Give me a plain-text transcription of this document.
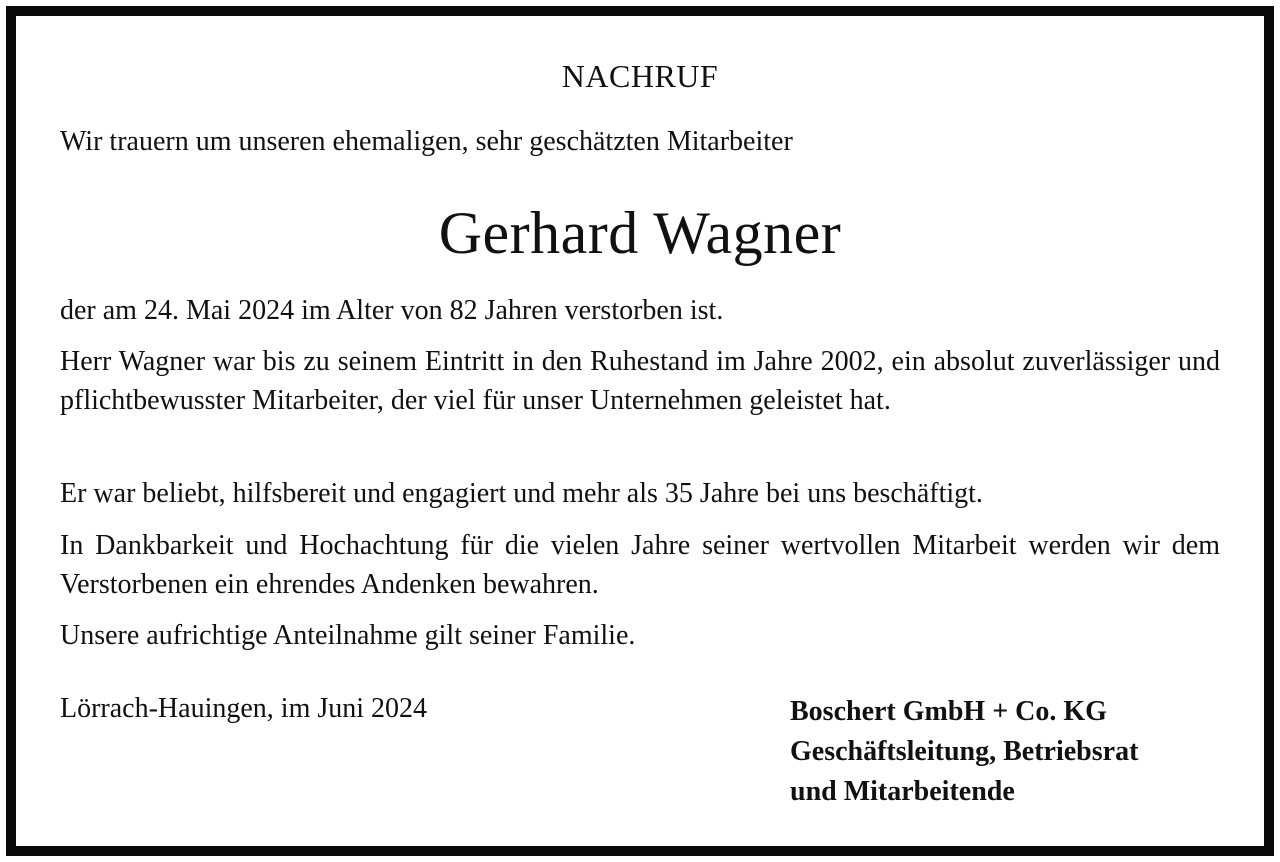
NACHRUF
Wir trauern um unseren ehemaligen, sehr geschätzten Mitarbeiter
Gerhard Wagner
der am 24. Mai 2024 im Alter von 82 Jahren verstorben ist.
Herr Wagner war bis zu seinem Eintritt in den Ruhestand im Jahre 2002, ein absolut zuverlässiger und pflichtbewusster Mitarbeiter, der viel für unser Unternehmen geleistet hat.
Er war beliebt, hilfsbereit und engagiert und mehr als 35 Jahre bei uns beschäftigt.
In Dankbarkeit und Hochachtung für die vielen Jahre seiner wertvollen Mitarbeit werden wir dem Verstorbenen ein ehrendes Andenken bewahren.
Unsere aufrichtige Anteilnahme gilt seiner Familie.
Lörrach-Hauingen, im Juni 2024	Boschert GmbH + Co. KG
Geschäftsleitung, Betriebsrat
und Mitarbeitende
